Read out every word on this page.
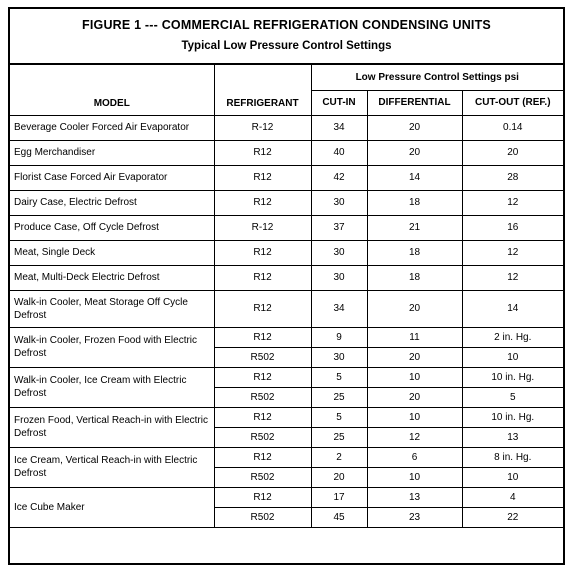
FIGURE 1 --- COMMERCIAL REFRIGERATION CONDENSING UNITS
Typical Low Pressure Control Settings
MODEL	REFRIGERANT	Low Pressure Control Settings psi		
		CUT-IN	DIFFERENTIAL	CUT-OUT (REF.)
Beverage Cooler Forced Air Evaporator	R-12	34	20	0.14
Egg Merchandiser	R12	40	20	20
Florist Case Forced Air Evaporator	R12	42	14	28
Dairy Case, Electric Defrost	R12	30	18	12
Produce Case, Off Cycle Defrost	R-12	37	21	16
Meat, Single Deck	R12	30	18	12
Meat, Multi-Deck Electric Defrost	R12	30	18	12
Walk-in Cooler, Meat Storage Off Cycle Defrost	R12	34	20	14
Walk-in Cooler, Frozen Food with Electric Defrost	R12	9	11	2 in. Hg.
	R502	30	20	10
Walk-in Cooler, Ice Cream with Electric Defrost	R12	5	10	10 in. Hg.
	R502	25	20	5
Frozen Food, Vertical Reach-in with Electric Defrost	R12	5	10	10 in. Hg.
	R502	25	12	13
Ice Cream, Vertical Reach-in with Electric Defrost	R12	2	6	8 in. Hg.
	R502	20	10	10
Ice Cube Maker	R12	17	13	4
	R502	45	23	22
